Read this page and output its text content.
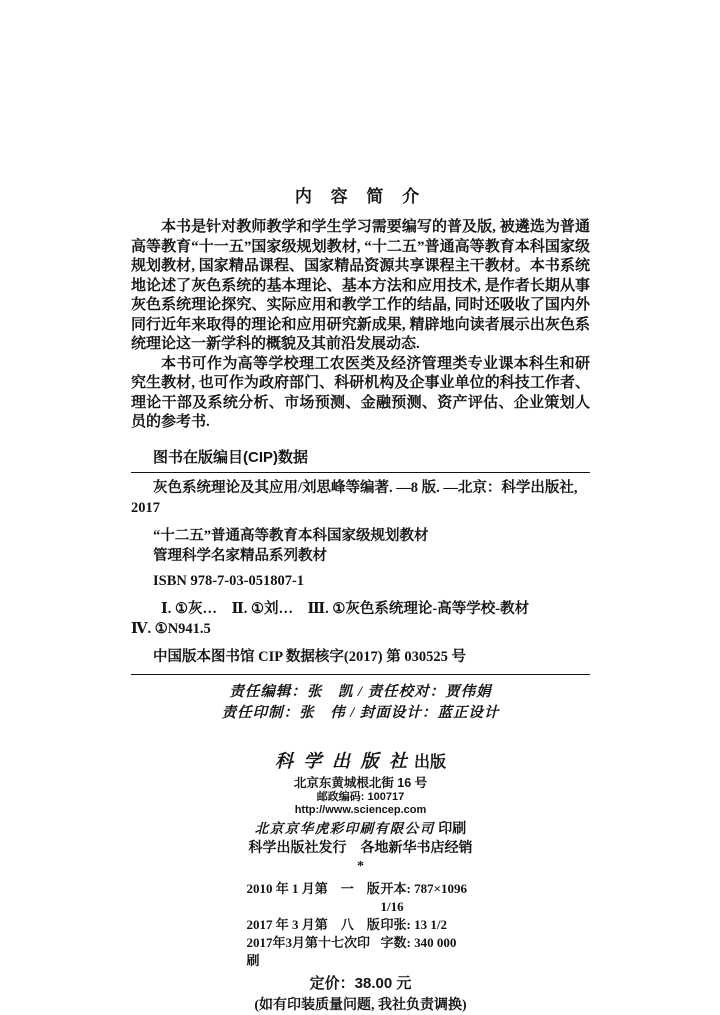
内 容 简 介

本书是针对教师教学和学生学习需要编写的普及版, 被遴选为普通高等教育“十一五”国家级规划教材, “十二五”普通高等教育本科国家级规划教材, 国家精品课程、国家精品资源共享课程主干教材。本书系统地论述了灰色系统的基本理论、基本方法和应用技术, 是作者长期从事灰色系统理论探究、实际应用和教学工作的结晶, 同时还吸收了国内外同行近年来取得的理论和应用研究新成果, 精辟地向读者展示出灰色系统理论这一新学科的概貌及其前沿发展动态.

本书可作为高等学校理工农医类及经济管理类专业课本科生和研究生教材, 也可作为政府部门、科研机构及企事业单位的科技工作者、理论干部及系统分析、市场预测、金融预测、资产评估、企业策划人员的参考书.

图书在版编目(CIP)数据
灰色系统理论及其应用/刘思峰等编著. —8 版. —北京：科学出版社,
2017
“十二五”普通高等教育本科国家级规划教材
管理科学名家精品系列教材
ISBN 978-7-03-051807-1
Ⅰ. ①灰…　Ⅱ. ①刘…　Ⅲ. ①灰色系统理论-高等学校-教材
Ⅳ. ①N941.5
中国版本图书馆 CIP 数据核字(2017) 第 030525 号
责任编辑：张　凯 / 责任校对：贾伟娟
责任印制：张　伟 / 封面设计：蓝正设计
科 学 出 版 社 出版
北京东黄城根北街 16 号
邮政编码: 100717
http://www.sciencep.com
北京京华虎彩印刷有限公司 印刷
科学出版社发行　各地新华书店经销
*
2010 年 1 月第　一　版 开本: 787×1096　1/16
2017 年 3 月第　八　版 印张: 13 1/2
2017年3月第十七次印刷
字数: 340 000
定价：38.00 元
(如有印装质量问题, 我社负责调换)
